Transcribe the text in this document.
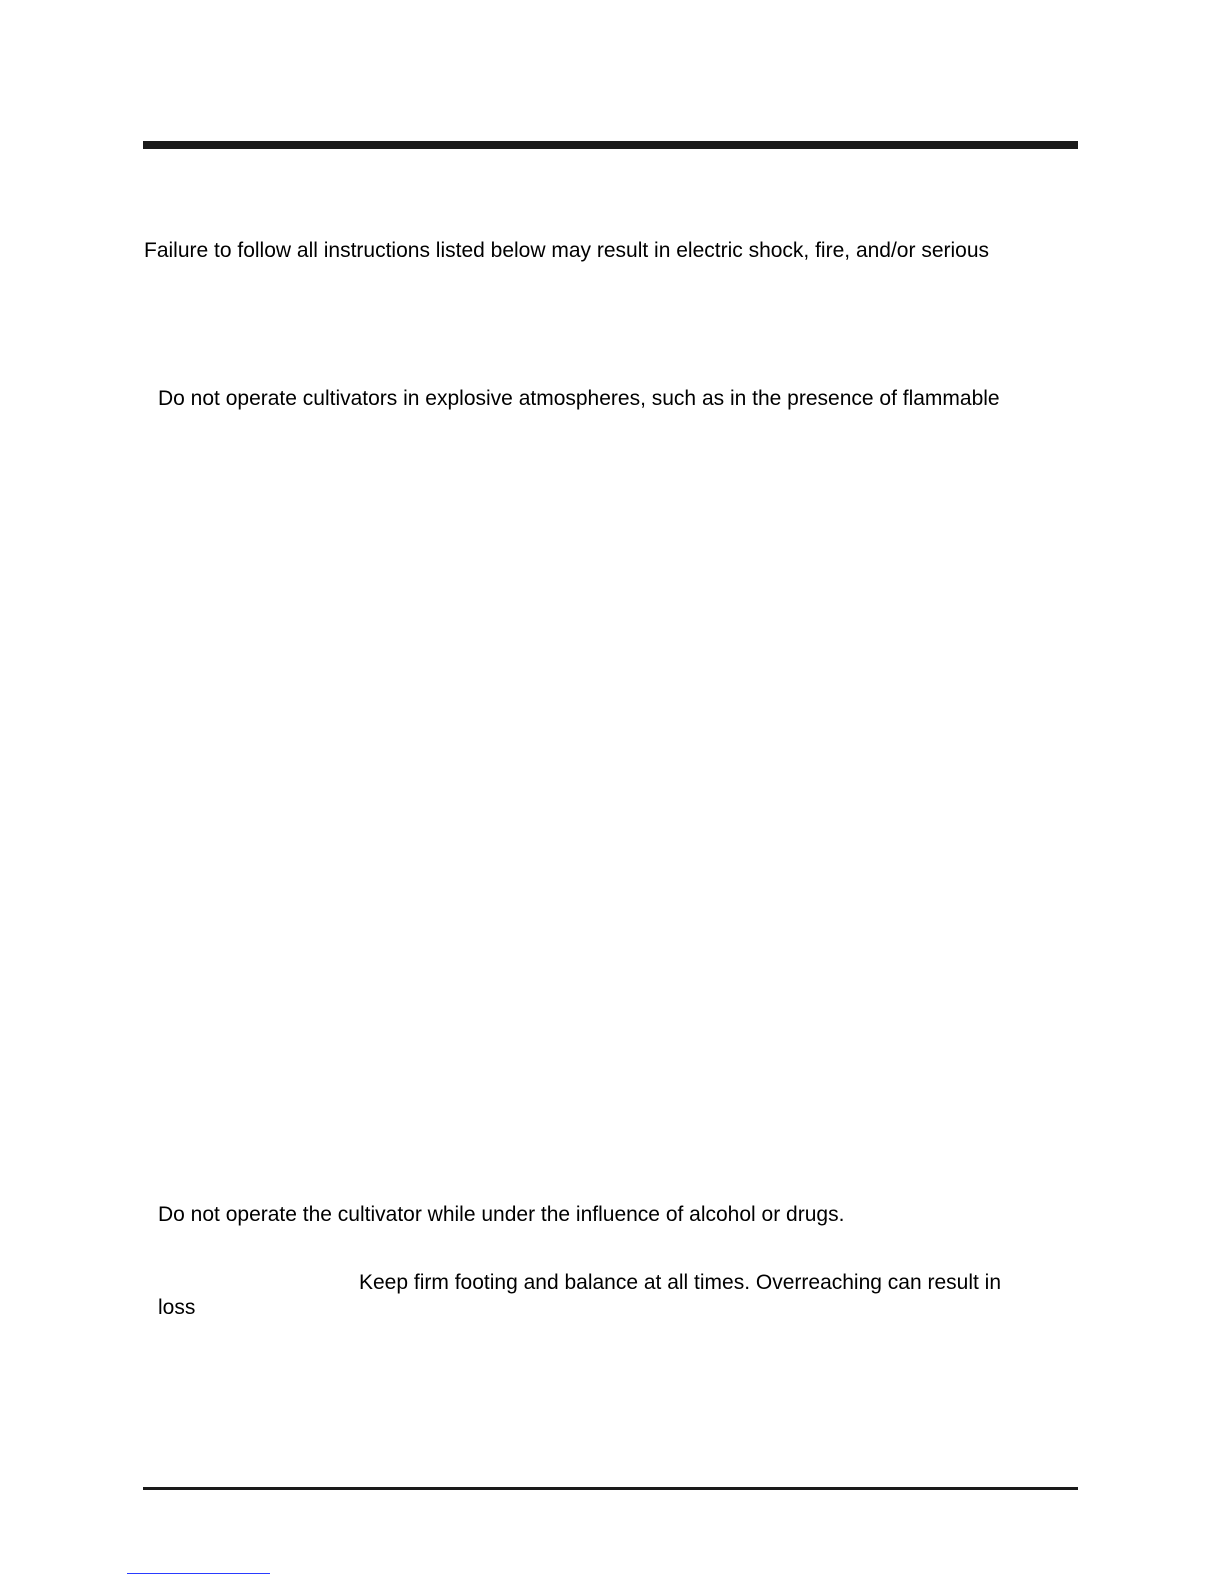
Failure to follow all instructions listed below may result in electric shock, fire, and/or serious
Do not operate cultivators in explosive atmospheres, such as in the presence of flammable
Do not operate the cultivator while under the influence of alcohol or drugs.
Keep firm footing and balance at all times. Overreaching can result in
loss
